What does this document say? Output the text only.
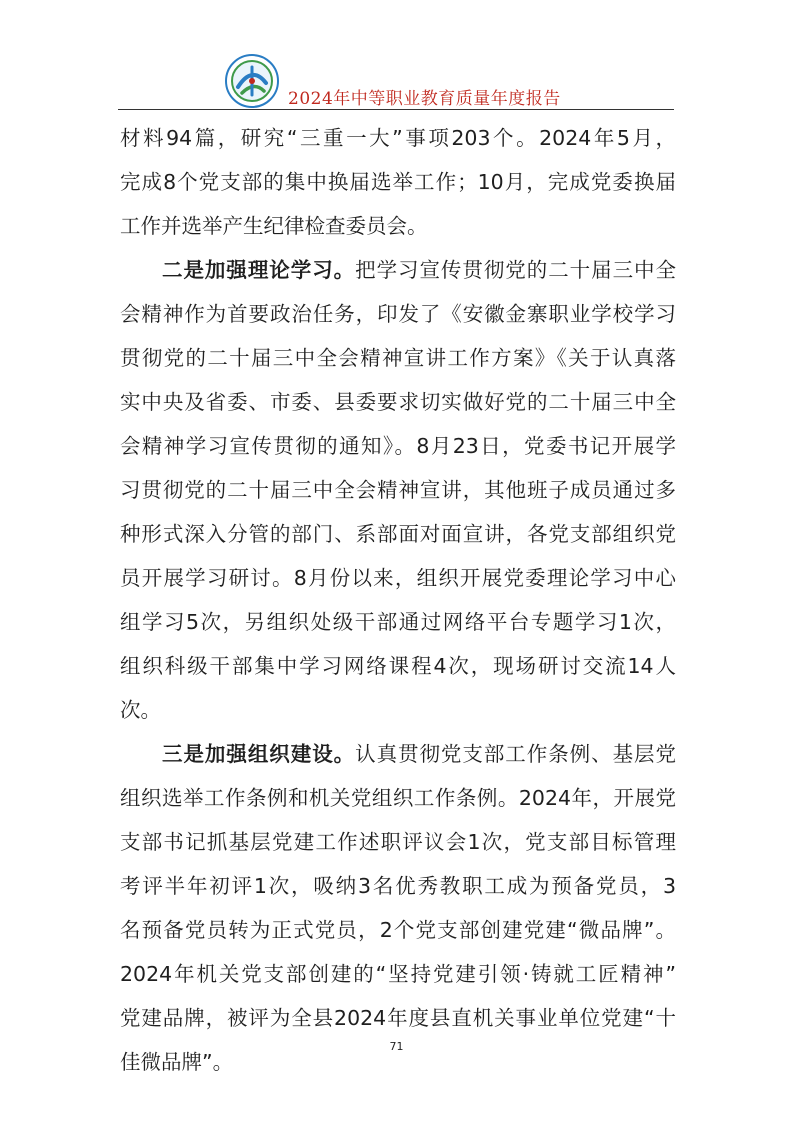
2024年中等职业教育质量年度报告
材料94篇，研究“三重一大”事项203个。2024年5月，
完成8个党支部的集中换届选举工作；10月，完成党委换届
工作并选举产生纪律检查委员会。
二是加强理论学习。把学习宣传贯彻党的二十届三中全
会精神作为首要政治任务，印发了《安徽金寨职业学校学习
贯彻党的二十届三中全会精神宣讲工作方案》《关于认真落
实中央及省委、市委、县委要求切实做好党的二十届三中全
会精神学习宣传贯彻的通知》。8月23日，党委书记开展学
习贯彻党的二十届三中全会精神宣讲，其他班子成员通过多
种形式深入分管的部门、系部面对面宣讲，各党支部组织党
员开展学习研讨。8月份以来，组织开展党委理论学习中心
组学习5次，另组织处级干部通过网络平台专题学习1次，
组织科级干部集中学习网络课程4次，现场研讨交流14人
次。
三是加强组织建设。认真贯彻党支部工作条例、基层党
组织选举工作条例和机关党组织工作条例。2024年，开展党
支部书记抓基层党建工作述职评议会1次，党支部目标管理
考评半年初评1次，吸纳3名优秀教职工成为预备党员，3
名预备党员转为正式党员，2个党支部创建党建“微品牌”。
2024年机关党支部创建的“坚持党建引领·铸就工匠精神”
党建品牌，被评为全县2024年度县直机关事业单位党建“十
佳微品牌”。
71
